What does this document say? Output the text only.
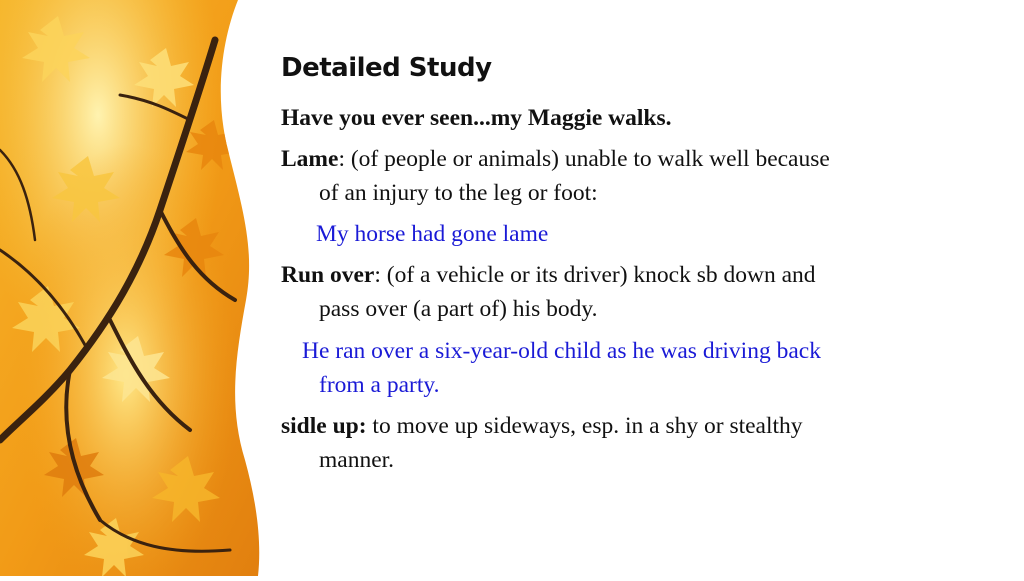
Detailed Study
Have you ever seen...my Maggie walks.
Lame: (of people or animals) unable to walk well because
of an injury to the leg or foot:
My horse had gone lame
Run over: (of a vehicle or its driver) knock sb down and
pass over (a part of) his body.
He ran over a six-year-old child as he was driving back
from a party.
sidle up: to move up sideways, esp. in a shy or stealthy
manner.
